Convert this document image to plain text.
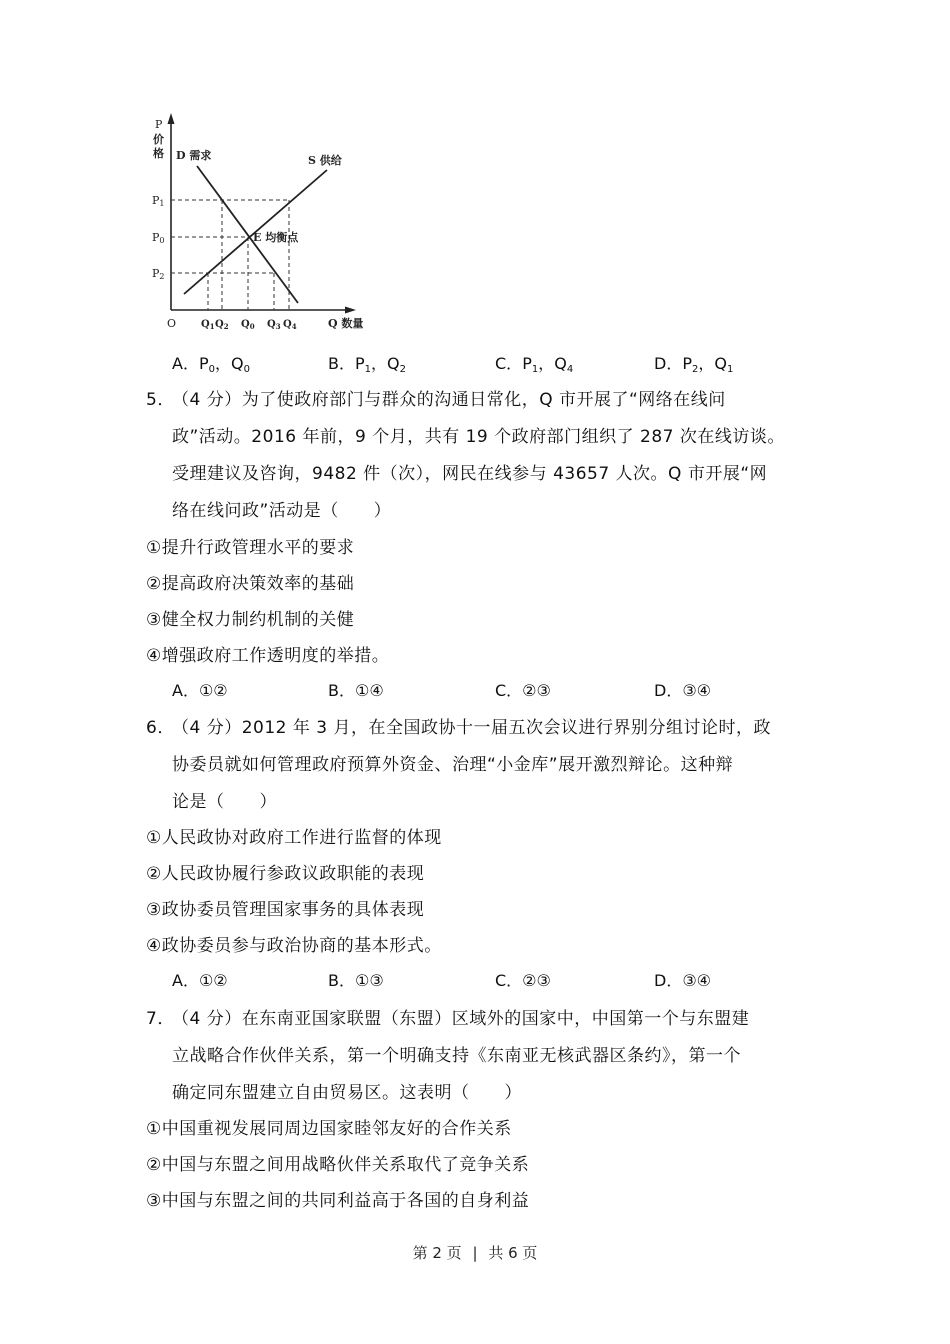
P
价
格 D 需求	S 供给
E 均衡点
P1
P0
P2
O $Q_1$ $Q_2$ $Q_0$ $Q_3$ $Q_4$	Q 数量
A．$P_0$，$Q_0$	B．$P_1$，$Q_2$	C．$P_1$，$Q_4$	D．$P_2$，$Q_1$
5．
（4 分）为了使政府部门与群众的沟通日常化，Q 市开展了“网络在线问
政”活动。2016 年前，9 个月，共有 19 个政府部门组织了 287 次在线访谈。
受理建议及咨询，9482 件（次），网民在线参与 43657 人次。Q 市开展“网
络在线问政”活动是（　　）
①提升行政管理水平的要求
②提高政府决策效率的基础
③健全权力制约机制的关健
④增强政府工作透明度的举措。
A．①②	B．①④	C．②③	D．③④
6．
（4 分）2012 年 3 月，在全国政协十一届五次会议进行界别分组讨论时，政
协委员就如何管理政府预算外资金、治理“小金库”展开激烈辩论。这种辩
论是（　　）
①人民政协对政府工作进行监督的体现
②人民政协履行参政议政职能的表现
③政协委员管理国家事务的具体表现
④政协委员参与政治协商的基本形式。
A．①②	B．①③	C．②③	D．③④
7．
（4 分）在东南亚国家联盟（东盟）区域外的国家中，中国第一个与东盟建
立战略合作伙伴关系，第一个明确支持《东南亚无核武器区条约》，第一个
确定同东盟建立自由贸易区。这表明（　　）
①中国重视发展同周边国家睦邻友好的合作关系
②中国与东盟之间用战略伙伴关系取代了竞争关系
③中国与东盟之间的共同利益高于各国的自身利益
第 2 页 | 共 6 页
